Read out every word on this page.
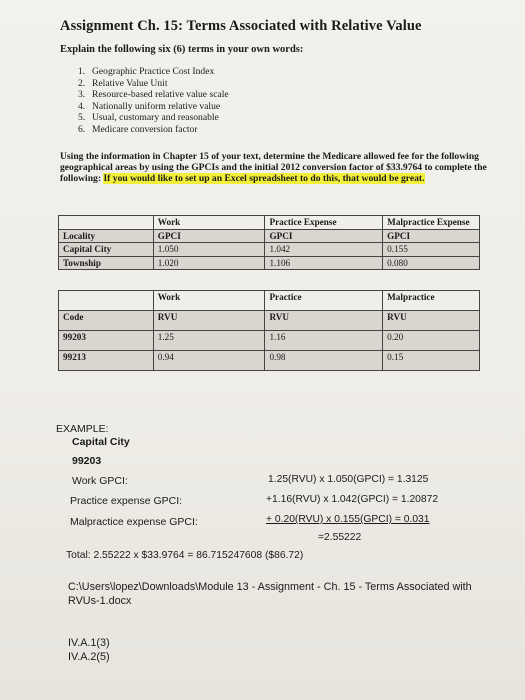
Assignment Ch. 15: Terms Associated with Relative Value
Explain the following six (6) terms in your own words:
1. Geographic Practice Cost Index
2. Relative Value Unit
3. Resource-based relative value scale
4. Nationally uniform relative value
5. Usual, customary and reasonable
6. Medicare conversion factor
Using the information in Chapter 15 of your text, determine the Medicare allowed fee for the following geographical areas by using the GPCIs and the initial 2012 conversion factor of $33.9764 to complete the following: If you would like to set up an Excel spreadsheet to do this, that would be great.
	Work	Practice Expense	Malpractice Expense
Locality	GPCI	GPCI	GPCI
Capital City	1.050	1.042	0.155
Township	1.020	1.106	0.080
	Work	Practice	Malpractice
Code	RVU	RVU	RVU
99203	1.25	1.16	0.20
99213	0.94	0.98	0.15
EXAMPLE:
Capital City
99203
Work GPCI:
Practice expense GPCI:
Malpractice expense GPCI:
1.25(RVU) x 1.050(GPCI) = 1.3125
+1.16(RVU) x 1.042(GPCI) = 1.20872
+ 0.20(RVU) x 0.155(GPCI) = 0.031
=2.55222
Total: 2.55222 x $33.9764 = 86.715247608 ($86.72)
C:\Users\lopez\Downloads\Module 13 - Assignment - Ch. 15 - Terms Associated with RVUs-1.docx
IV.A.1(3)
IV.A.2(5)
